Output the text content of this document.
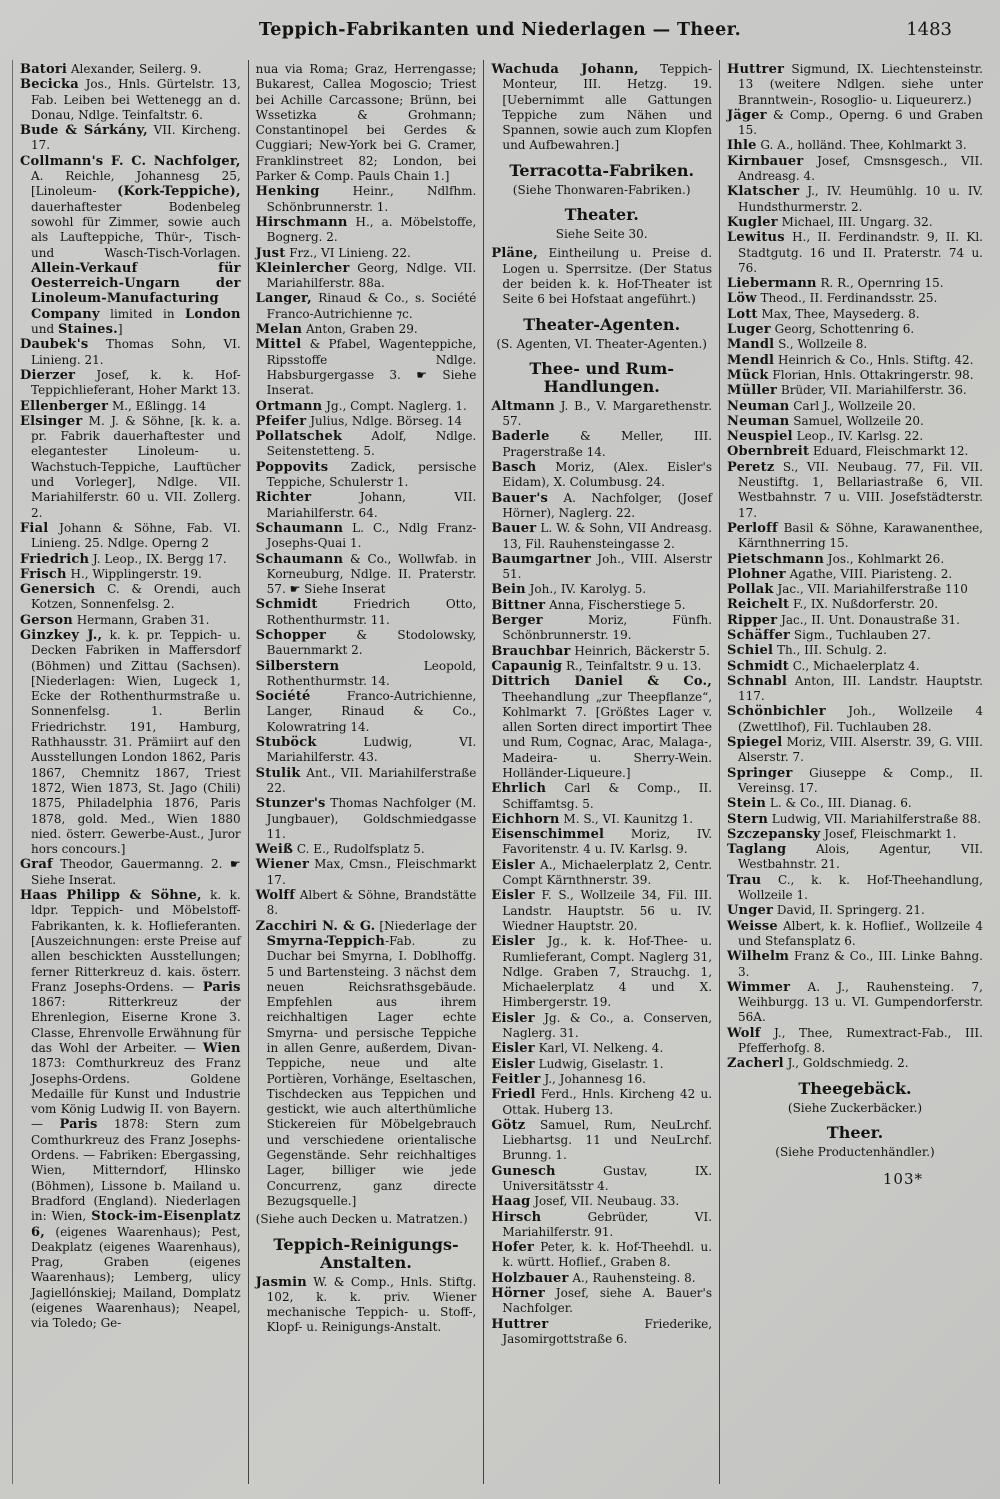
Teppich-Fabrikanten und Niederlagen — Theer.	1483

Batori Alexander, Seilerg. 9.

Becicka Jos., Hnls. Gürtelstr. 13, Fab. Leiben bei Wettenegg an d. Donau, Ndlge. Teinfaltstr. 6.

Bude & Sárkány, VII. Kircheng. 17.

Collmann's F. C. Nachfolger, A. Reichle, Johannesg 25, [Linoleum- (Kork-Teppiche), dauerhaftester Bodenbeleg sowohl für Zimmer, sowie auch als Laufteppiche, Thür-, Tisch- und Wasch-Tisch-Vorlagen. Allein-Verkauf für Oesterreich-Ungarn der Linoleum-Manufacturing Company limited in London und Staines.]

Daubek's Thomas Sohn, VI. Linieng. 21.

Dierzer Josef, k. k. Hof-Teppichlieferant, Hoher Markt 13.

Ellenberger M., Eßlingg. 14

Elsinger M. J. & Söhne, [k. k. a. pr. Fabrik dauerhaftester und elegantester Linoleum- u. Wachstuch-Teppiche, Lauftücher und Vorleger], Ndlge. VII. Mariahilferstr. 60 u. VII. Zollerg. 2.

Fial Johann & Söhne, Fab. VI. Linieng. 25. Ndlge. Operng 2

Friedrich J. Leop., IX. Bergg 17.

Frisch H., Wipplingerstr. 19.

Genersich C. & Orendi, auch Kotzen, Sonnenfelsg. 2.

Gerson Hermann, Graben 31.

Ginzkey J., k. k. pr. Teppich- u. Decken Fabriken in Maffersdorf (Böhmen) und Zittau (Sachsen). [Niederlagen: Wien, Lugeck 1, Ecke der Rothenthurmstraße u. Sonnenfelsg. 1. Berlin Friedrichstr. 191, Hamburg, Rathhausstr. 31. Prämiirt auf den Ausstellungen London 1862, Paris 1867, Chemnitz 1867, Triest 1872, Wien 1873, St. Jago (Chili) 1875, Philadelphia 1876, Paris 1878, gold. Med., Wien 1880 nied. österr. Gewerbe-Aust., Juror hors concours.]

Graf Theodor, Gauermanng. 2. ☛ Siehe Inserat.

Haas Philipp & Söhne, k. k. ldpr. Teppich- und Möbelstoff-Fabrikanten, k. k. Hoflieferanten. [Auszeichnungen: erste Preise auf allen beschickten Ausstellungen; ferner Ritterkreuz d. kais. österr. Franz Josephs-Ordens. — Paris 1867: Ritterkreuz der Ehrenlegion, Eiserne Krone 3. Classe, Ehrenvolle Erwähnung für das Wohl der Arbeiter. — Wien 1873: Comthurkreuz des Franz Josephs-Ordens. Goldene Medaille für Kunst und Industrie vom König Ludwig II. von Bayern. — Paris 1878: Stern zum Comthurkreuz des Franz Josephs-Ordens. — Fabriken: Ebergassing, Wien, Mitterndorf, Hlinsko (Böhmen), Lissone b. Mailand u. Bradford (England). Niederlagen in: Wien, Stock-im-Eisenplatz 6, (eigenes Waarenhaus); Pest, Deakplatz (eigenes Waarenhaus), Prag, Graben (eigenes Waarenhaus); Lemberg, ulicy Jagiellónskiej; Mailand, Domplatz (eigenes Waarenhaus); Neapel, via Toledo; Ge-

nua via Roma; Graz, Herrengasse; Bukarest, Callea Mogoscio; Triest bei Achille Carcassone; Brünn, bei Wssetizka & Grohmann; Constantinopel bei Gerdes & Cuggiari; New-York bei G. Cramer, Franklinstreet 82; London, bei Parker & Comp. Pauls Chain 1.]

Henking Heinr., Ndlfhm. Schönbrunnerstr. 1.

Hirschmann H., a. Möbelstoffe, Bognerg. 2.

Just Frz., VI Linieng. 22.

Kleinlercher Georg, Ndlge. VII. Mariahilferstr. 88a.

Langer, Rinaud & Co., s. Société Franco-Autrichienne ⁊c.

Melan Anton, Graben 29.

Mittel & Pfabel, Wagenteppiche, Ripsstoffe Ndlge. Habsburgergasse 3. ☛ Siehe Inserat.

Ortmann Jg., Compt. Naglerg. 1.

Pfeifer Julius, Ndlge. Börseg. 14

Pollatschek Adolf, Ndlge. Seitenstetteng. 5.

Poppovits Zadick, persische Teppiche, Schulerstr 1.

Richter Johann, VII. Mariahilferstr. 64.

Schaumann L. C., Ndlg Franz-Josephs-Quai 1.

Schaumann & Co., Wollwfab. in Korneuburg, Ndlge. II. Praterstr. 57. ☛ Siehe Inserat

Schmidt Friedrich Otto, Rothenthurmstr. 11.

Schopper & Stodolowsky, Bauernmarkt 2.

Silberstern Leopold, Rothenthurmstr. 14.

Société Franco-Autrichienne, Langer, Rinaud & Co., Kolowratring 14.

Stuböck Ludwig, VI. Mariahilferstr. 43.

Stulik Ant., VII. Mariahilferstraße 22.

Stunzer's Thomas Nachfolger (M. Jungbauer), Goldschmiedgasse 11.

Weiß C. E., Rudolfsplatz 5.

Wiener Max, Cmsn., Fleischmarkt 17.

Wolff Albert & Söhne, Brandstätte 8.

Zacchiri N. & G. [Niederlage der Smyrna-Teppich-Fab. zu Duchar bei Smyrna, I. Doblhoffg. 5 und Bartensteing. 3 nächst dem neuen Reichsrathsgebäude. Empfehlen aus ihrem reichhaltigen Lager echte Smyrna- und persische Teppiche in allen Genre, außerdem, Divan-Teppiche, neue und alte Portièren, Vorhänge, Eseltaschen, Tischdecken aus Teppichen und gestickt, wie auch alterthümliche Stickereien für Möbelgebrauch und verschiedene orientalische Gegenstände. Sehr reichhaltiges Lager, billiger wie jede Concurrenz, ganz directe Bezugsquelle.]

(Siehe auch Decken u. Matratzen.)

Teppich-Reinigungs-Anstalten.

Jasmin W. & Comp., Hnls. Stiftg. 102, k. k. priv. Wiener mechanische Teppich- u. Stoff-, Klopf- u. Reinigungs-Anstalt.

Wachuda Johann, Teppich-Monteur, III. Hetzg. 19. [Uebernimmt alle Gattungen Teppiche zum Nähen und Spannen, sowie auch zum Klopfen und Aufbewahren.]

Terracotta-Fabriken.

(Siehe Thonwaren-Fabriken.)

Theater.

Siehe Seite 30.

Pläne, Eintheilung u. Preise d. Logen u. Sperrsitze. (Der Status der beiden k. k. Hof-Theater ist Seite 6 bei Hofstaat angeführt.)

Theater-Agenten.

(S. Agenten, VI. Theater-Agenten.)

Thee- und Rum-Handlungen.

Altmann J. B., V. Margarethenstr. 57.

Baderle & Meller, III. Pragerstraße 14.

Basch Moriz, (Alex. Eisler's Eidam), X. Columbusg. 24.

Bauer's A. Nachfolger, (Josef Hörner), Naglerg. 22.

Bauer L. W. & Sohn, VII Andreasg. 13, Fil. Rauhensteingasse 2.

Baumgartner Joh., VIII. Alserstr 51.

Bein Joh., IV. Karolyg. 5.

Bittner Anna, Fischerstiege 5.

Berger Moriz, Fünfh. Schönbrunnerstr. 19.

Brauchbar Heinrich, Bäckerstr 5.

Capaunig R., Teinfaltstr. 9 u. 13.

Dittrich Daniel & Co., Theehandlung „zur Theepflanze“, Kohlmarkt 7. [Größtes Lager v. allen Sorten direct importirt Thee und Rum, Cognac, Arac, Malaga-, Madeira- u. Sherry-Wein. Holländer-Liqueure.]

Ehrlich Carl & Comp., II. Schiffamtsg. 5.

Eichhorn M. S., VI. Kaunitzg 1.

Eisenschimmel Moriz, IV. Favoritenstr. 4 u. IV. Karlsg. 9.

Eisler A., Michaelerplatz 2, Centr. Compt Kärnthnerstr. 39.

Eisler F. S., Wollzeile 34, Fil. III. Landstr. Hauptstr. 56 u. IV. Wiedner Hauptstr. 20.

Eisler Jg., k. k. Hof-Thee- u. Rumlieferant, Compt. Naglerg 31, Ndlge. Graben 7, Strauchg. 1, Michaelerplatz 4 und X. Himbergerstr. 19.

Eisler Jg. & Co., a. Conserven, Naglerg. 31.

Eisler Karl, VI. Nelkeng. 4.

Eisler Ludwig, Giselastr. 1.

Feitler J., Johannesg 16.

Friedl Ferd., Hnls. Kircheng 42 u. Ottak. Huberg 13.

Götz Samuel, Rum, NeuLrchf. Liebhartsg. 11 und NeuLrchf. Brunng. 1.

Gunesch Gustav, IX. Universitätsstr 4.

Haag Josef, VII. Neubaug. 33.

Hirsch Gebrüder, VI. Mariahilferstr. 91.

Hofer Peter, k. k. Hof-Theehdl. u. k. württ. Hoflief., Graben 8.

Holzbauer A., Rauhensteing. 8.

Hörner Josef, siehe A. Bauer's Nachfolger.

Huttrer Friederike, Jasomirgottstraße 6.

Huttrer Sigmund, IX. Liechtensteinstr. 13 (weitere Ndlgen. siehe unter Branntwein-, Rosoglio- u. Liqueurerz.)

Jäger & Comp., Operng. 6 und Graben 15.

Ihle G. A., holländ. Thee, Kohlmarkt 3.

Kirnbauer Josef, Cmsnsgesch., VII. Andreasg. 4.

Klatscher J., IV. Heumühlg. 10 u. IV. Hundsthurmerstr. 2.

Kugler Michael, III. Ungarg. 32.

Lewitus H., II. Ferdinandstr. 9, II. Kl. Stadtgutg. 16 und II. Praterstr. 74 u. 76.

Liebermann R. R., Opernring 15.

Löw Theod., II. Ferdinandsstr. 25.

Lott Max, Thee, Maysederg. 8.

Luger Georg, Schottenring 6.

Mandl S., Wollzeile 8.

Mendl Heinrich & Co., Hnls. Stiftg. 42.

Mück Florian, Hnls. Ottakringerstr. 98.

Müller Brüder, VII. Mariahilferstr. 36.

Neuman Carl J., Wollzeile 20.

Neuman Samuel, Wollzeile 20.

Neuspiel Leop., IV. Karlsg. 22.

Obernbreit Eduard, Fleischmarkt 12.

Peretz S., VII. Neubaug. 77, Fil. VII. Neustiftg. 1, Bellariastraße 6, VII. Westbahnstr. 7 u. VIII. Josefstädterstr. 17.

Perloff Basil & Söhne, Karawanenthee, Kärnthnerring 15.

Pietschmann Jos., Kohlmarkt 26.

Plohner Agathe, VIII. Piaristeng. 2.

Pollak Jac., VII. Mariahilferstraße 110

Reichelt F., IX. Nußdorferstr. 20.

Ripper Jac., II. Unt. Donaustraße 31.

Schäffer Sigm., Tuchlauben 27.

Schiel Th., III. Schulg. 2.

Schmidt C., Michaelerplatz 4.

Schnabl Anton, III. Landstr. Hauptstr. 117.

Schönbichler Joh., Wollzeile 4 (Zwettlhof), Fil. Tuchlauben 28.

Spiegel Moriz, VIII. Alserstr. 39, G. VIII. Alserstr. 7.

Springer Giuseppe & Comp., II. Vereinsg. 17.

Stein L. & Co., III. Dianag. 6.

Stern Ludwig, VII. Mariahilferstraße 88.

Szczepansky Josef, Fleischmarkt 1.

Taglang Alois, Agentur, VII. Westbahnstr. 21.

Trau C., k. k. Hof-Theehandlung, Wollzeile 1.

Unger David, II. Springerg. 21.

Weisse Albert, k. k. Hoflief., Wollzeile 4 und Stefansplatz 6.

Wilhelm Franz & Co., III. Linke Bahng. 3.

Wimmer A. J., Rauhensteing. 7, Weihburgg. 13 u. VI. Gumpendorferstr. 56A.

Wolf J., Thee, Rumextract-Fab., III. Pfefferhofg. 8.

Zacherl J., Goldschmiedg. 2.

Theegebäck.

(Siehe Zuckerbäcker.)

Theer.

(Siehe Productenhändler.)

103*
